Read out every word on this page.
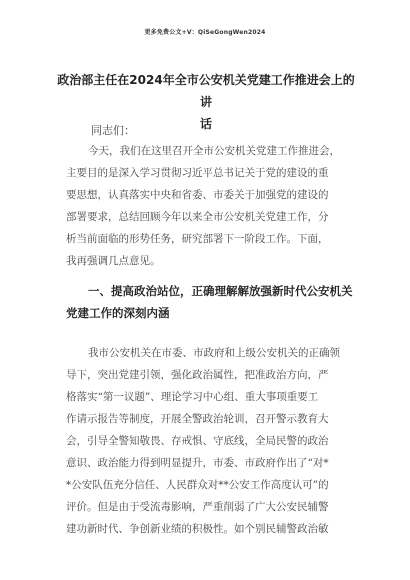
更多免费公文+V：QiSeGongWen2024
政治部主任在2024年全市公安机关党建工作推进会上的讲
话
同志们：
今天，我们在这里召开全市公安机关党建工作推进会，
主要目的是深入学习贯彻习近平总书记关于党的建设的重
要思想，认真落实中央和省委、市委关于加强党的建设的
部署要求，总结回顾今年以来全市公安机关党建工作，分
析当前面临的形势任务，研究部署下一阶段工作。下面，
我再强调几点意见。
一、提高政治站位，正确理解解放强新时代公安机关
党建工作的深刻内涵
我市公安机关在市委、市政府和上级公安机关的正确领
导下，突出党建引领，强化政治属性，把准政治方向，严
格落实“第一议题”、理论学习中心组、重大事项重要工
作请示报告等制度，开展全警政治轮训，召开警示教育大
会，引导全警知敬畏、存戒惧、守底线，全局民警的政治
意识、政治能力得到明显提升，市委、市政府作出了“对*
*公安队伍充分信任、人民群众对**公安工作高度认可”的
评价。但是由于受流毒影响，严重削弱了广大公安民辅警
建功新时代、争创新业绩的积极性。如个别民辅警政治敏
